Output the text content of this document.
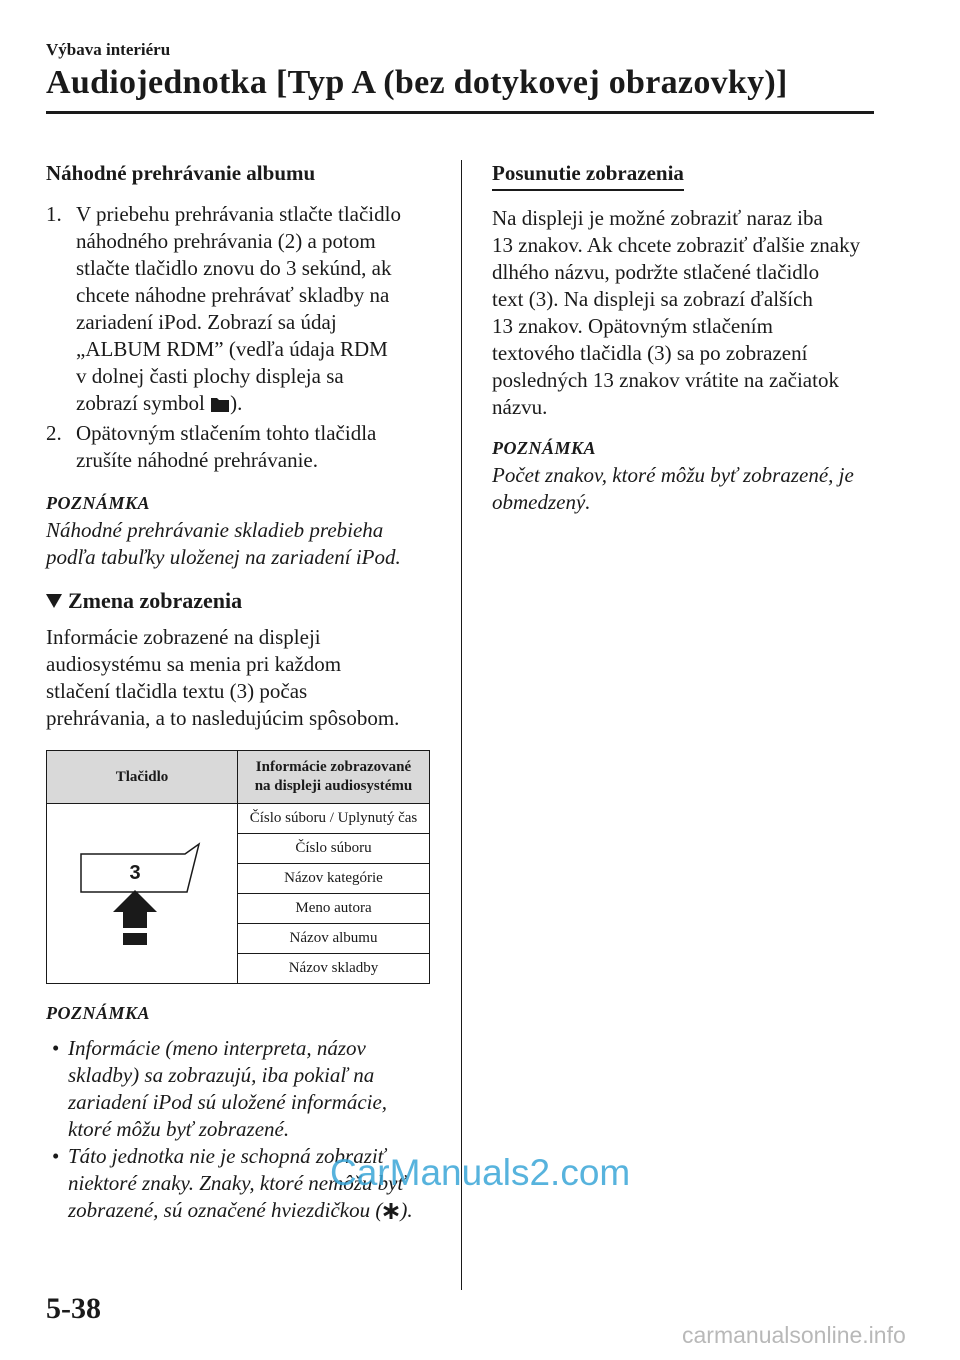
Výbava interiéru
Audiojednotka [Typ A (bez dotykovej obrazovky)]

Náhodné prehrávanie albumu

1. V priebehu prehrávania stlačte tlačidlo

náhodného prehrávania (2) a potom

stlačte tlačidlo znovu do 3 sekúnd, ak

chcete náhodne prehrávať skladby na

zariadení iPod. Zobrazí sa údaj

„ALBUM RDM” (vedľa údaja RDM

v dolnej časti plochy displeja sa

zobrazí symbol ).

2. Opätovným stlačením tohto tlačidla

zrušíte náhodné prehrávanie.

POZNÁMKA

Náhodné prehrávanie skladieb prebieha

podľa tabuľky uloženej na zariadení iPod.

Zmena zobrazenia

Informácie zobrazené na displeji

audiosystému sa menia pri každom

stlačení tlačidla textu (3) počas

prehrávania, a to nasledujúcim spôsobom.

Tlačidlo	Informácie zobrazované
na displeji audiosystému

3	Číslo súboru / Uplynutý čas
	Číslo súboru
	Názov kategórie
	Meno autora
	Názov albumu
	Názov skladby

POZNÁMKA

• Informácie (meno interpreta, názov

skladby) sa zobrazujú, iba pokiaľ na

zariadení iPod sú uložené informácie,

ktoré môžu byť zobrazené.

• Táto jednotka nie je schopná zobraziť

niektoré znaky. Znaky, ktoré nemôžu byť

zobrazené, sú označené hviezdičkou ( ).

Posunutie zobrazenia

Na displeji je možné zobraziť naraz iba

13 znakov. Ak chcete zobraziť ďalšie znaky

dlhého názvu, podržte stlačené tlačidlo

text (3). Na displeji sa zobrazí ďalších

13 znakov. Opätovným stlačením

textového tlačidla (3) sa po zobrazení

posledných 13 znakov vrátite na začiatok

názvu.

POZNÁMKA

Počet znakov, ktoré môžu byť zobrazené, je

obmedzený.

5-38
CarManuals2.com
carmanualsonline.info
